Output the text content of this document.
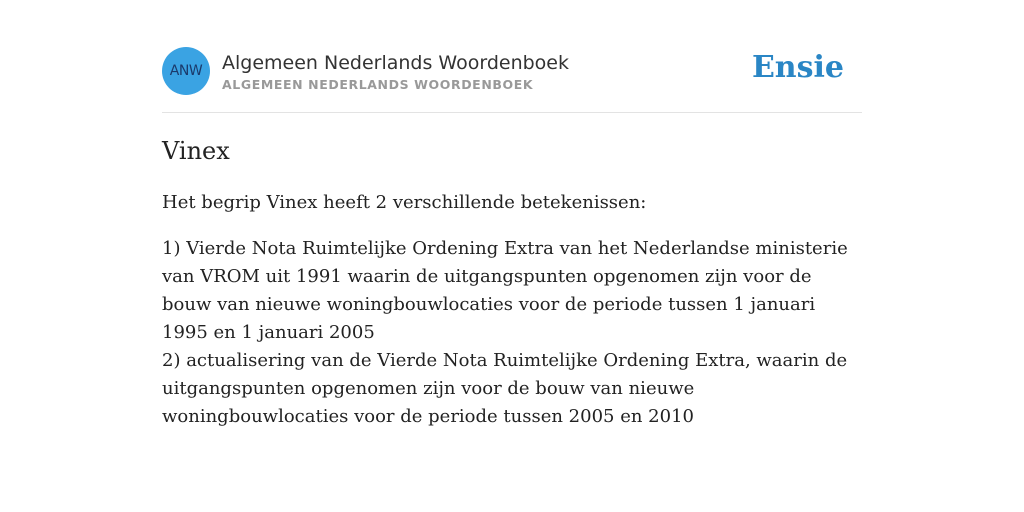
ANW Algemeen Nederlands Woordenboek
ALGEMEEN NEDERLANDS WOORDENBOEK	Ensie
Vinex
Het begrip Vinex heeft 2 verschillende betekenissen:
1) Vierde Nota Ruimtelijke Ordening Extra van het Nederlandse ministerie van VROM uit 1991 waarin de uitgangspunten opgenomen zijn voor de bouw van nieuwe woningbouwlocaties voor de periode tussen 1 januari 1995 en 1 januari 2005
2) actualisering van de Vierde Nota Ruimtelijke Ordening Extra, waarin de uitgangspunten opgenomen zijn voor de bouw van nieuwe woningbouwlocaties voor de periode tussen 2005 en 2010
